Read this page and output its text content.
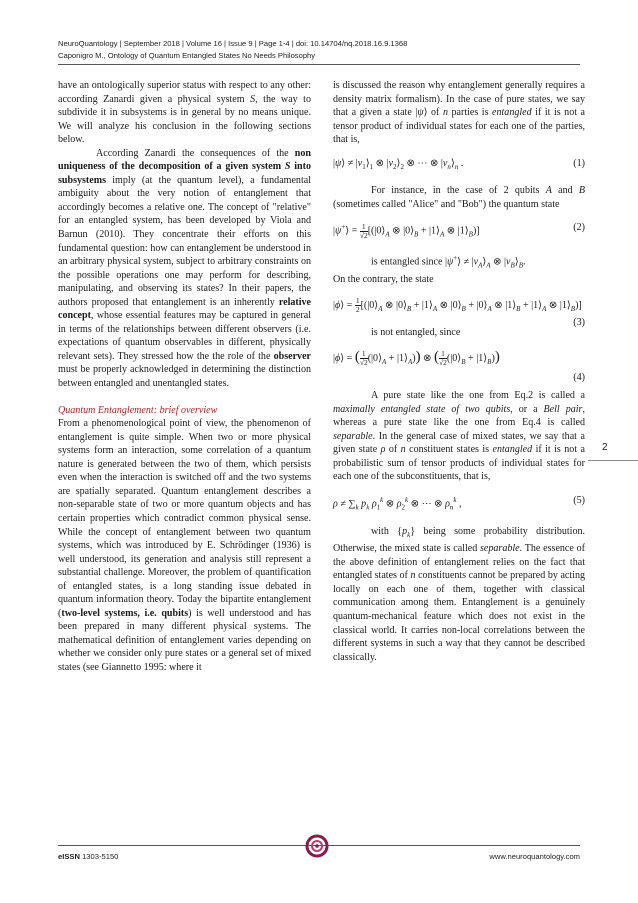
NeuroQuantology | September 2018 | Volume 16 | Issue 9 | Page 1-4 | doi: 10.14704/nq.2018.16.9.1368
Caponigro M., Ontology of Quantum Entangled States No Needs Philosophy

have an ontologically superior status with respect to any other: according Zanardi given a physical system S, the way to subdivide it in subsystems is in general by no means unique. We will analyze his conclusion in the following sections below.

According Zanardi the consequences of the non uniqueness of the decomposition of a given system S into subsystems imply (at the quantum level), a fundamental ambiguity about the very notion of entanglement that accordingly becomes a relative one. The concept of "relative" for an entangled system, has been developed by Viola and Barnun (2010). They concentrate their efforts on this fundamental question: how can entanglement be understood in an arbitrary physical system, subject to arbitrary constraints on the possible operations one may perform for describing, manipulating, and observing its states? In their papers, the authors proposed that entanglement is an inherently relative concept, whose essential features may be captured in general in terms of the relationships between different observers (i.e. expectations of quantum observables in different, physically relevant sets). They stressed how the the role of the observer must be properly acknowledged in determining the distinction between entangled and unentangled states.

Quantum Entanglement: brief overview

From a phenomenological point of view, the phenomenon of entanglement is quite simple. When two or more physical systems form an interaction, some correlation of a quantum nature is generated between the two of them, which persists even when the interaction is switched off and the two systems are spatially separated. Quantum entanglement describes a non-separable state of two or more quantum objects and has certain properties which contradict common physical sense. While the concept of entanglement between two quantum systems, which was introduced by E. Schrödinger (1936) is well understood, its generation and analysis still represent a substantial challenge. Moreover, the problem of quantification of entangled states, is a long standing issue debated in quantum information theory. Today the bipartite entanglement (two-level systems, i.e. qubits) is well understood and has been prepared in many different physical systems. The mathematical definition of entanglement varies depending on whether we consider only pure states or a general set of mixed states (see Giannetto 1995: where it

is discussed the reason why entanglement generally requires a density matrix formalism). In the case of pure states, we say that a given a state |ψ⟩ of n parties is entangled if it is not a tensor product of individual states for each one of the parties, that is,

|ψ⟩ ≠ $|v_1⟩_1$ ⊗ $|v_2⟩_2$ ⊗ ⋯ ⊗ $|v_n⟩_n$ .	(1)

For instance, in the case of 2 qubits A and B (sometimes called "Alice" and "Bob") the quantum state

|ψ+⟩ = $\frac{1}{√2}$ [($|0⟩_A$ ⊗ $|0⟩_B$ + $|1⟩_A$ ⊗ $|1⟩_B$)]	(2)

is entangled since |ψ+⟩ ≠ $|v_A⟩_A$ ⊗ $|v_B⟩_B$.

On the contrary, the state

|ϕ⟩ = $\frac{1}{2}$ [($|0⟩_A$ ⊗ $|0⟩_B$ + $|1⟩_A$ ⊗ $|0⟩_B$ + $|0⟩_A$ ⊗ $|1⟩_B$ + $|1⟩_A$ ⊗ $|1⟩_B$)]
(3)

is not entangled, since

|ϕ⟩ = ( $\frac{1}{√2}$ ($|0⟩_A$ + $|1⟩_A$)) ⊗ ( $\frac{1}{√2}$ ($|0⟩_B$ + $|1⟩_B$))
(4)

A pure state like the one from Eq.2 is called a maximally entangled state of two qubits, or a Bell pair, whereas a pure state like the one from Eq.4 is called separable. In the general case of mixed states, we say that a given state ρ of n constituent states is entangled if it is not a probabilistic sum of tensor products of individual states for each one of the subconstituents, that is,

$\rho \ne \sum_k$ $p_k$ $\rho_1^k$ ⊗ $\rho_2^k$ ⊗ ⋯ ⊗ $\rho_n^k$ ,	(5)

with $\{p_k\}$ being some probability distribution. Otherwise, the mixed state is called separable. The essence of the above definition of entanglement relies on the fact that entangled states of n constituents cannot be prepared by acting locally on each one of them, together with classical communication among them. Entanglement is a genuinely quantum-mechanical feature which does not exist in the classical world. It carries non-local correlations between the different systems in such a way that they cannot be described classically.

2
eISSN 1303-5150	www.neuroquantology.com
